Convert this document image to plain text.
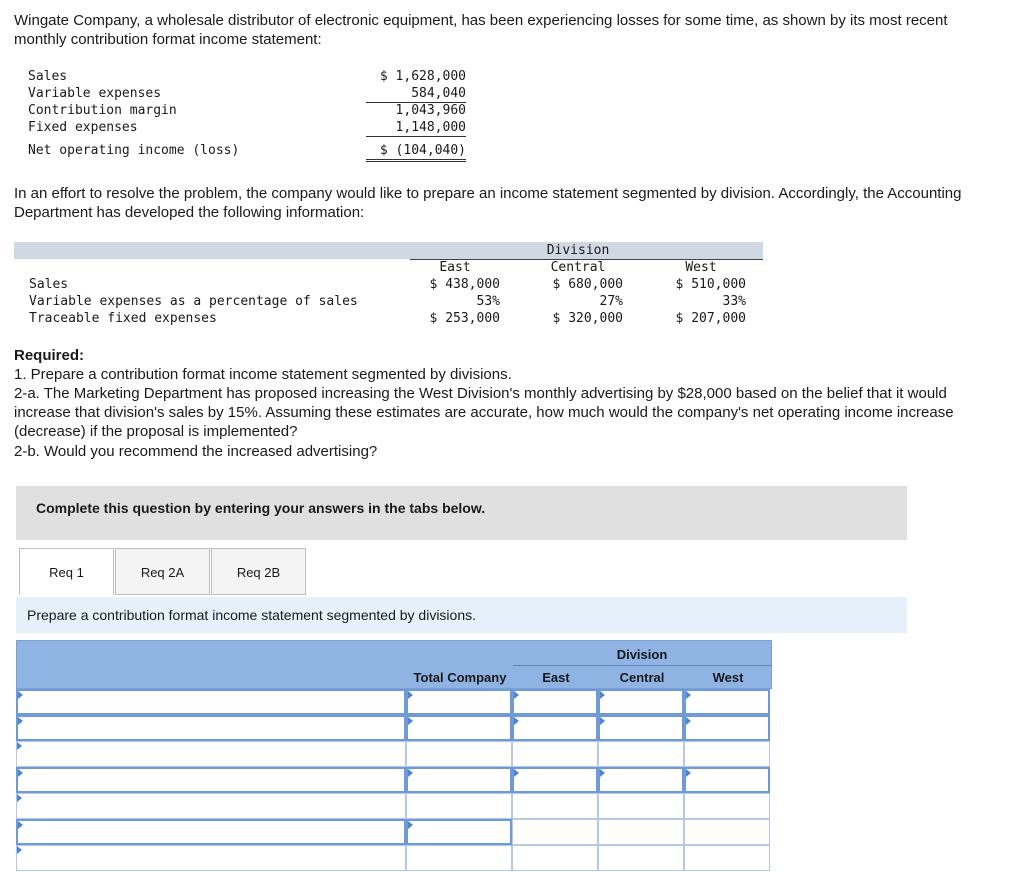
Wingate Company, a wholesale distributor of electronic equipment, has been experiencing losses for some time, as shown by its most recent monthly contribution format income statement:
Sales	$ 1,628,000
Variable expenses	584,040
Contribution margin	1,043,960
Fixed expenses	1,148,000
Net operating income (loss)	$ (104,040)
In an effort to resolve the problem, the company would like to prepare an income statement segmented by division. Accordingly, the Accounting Department has developed the following information:
Division
East	Central	West
Sales	$ 438,000	$ 680,000	$ 510,000
Variable expenses as a percentage of sales	53%	27%	33%
Traceable fixed expenses	$ 253,000	$ 320,000	$ 207,000
Required:
1. Prepare a contribution format income statement segmented by divisions.
2-a. The Marketing Department has proposed increasing the West Division's monthly advertising by $28,000 based on the belief that it would increase that division's sales by 15%. Assuming these estimates are accurate, how much would the company's net operating income increase (decrease) if the proposal is implemented?
2-b. Would you recommend the increased advertising?
Complete this question by entering your answers in the tabs below.
Req 1	Req 2A	Req 2B
Prepare a contribution format income statement segmented by divisions.
Division
Total Company	East	Central	West
